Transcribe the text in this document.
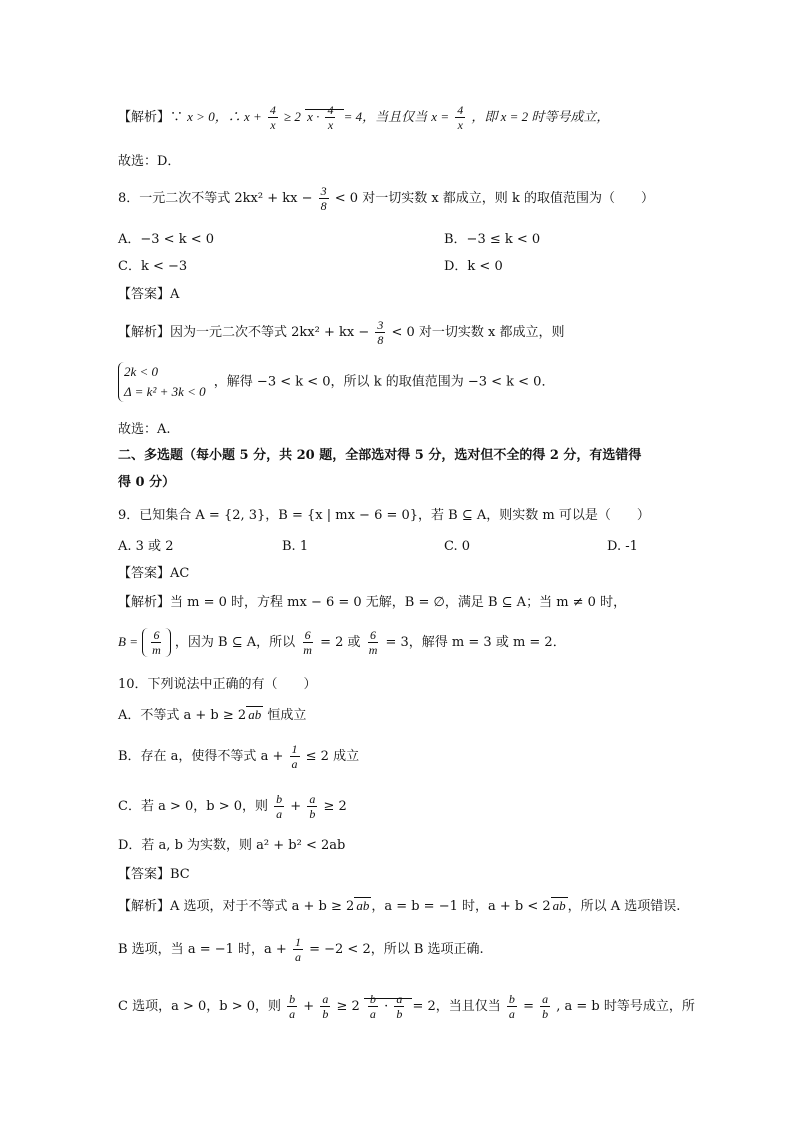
【解析】∵ x > 0，∴ $x + \frac{4}{x} \ge 2$ $x \cdot \frac{4}{x} = 4$，当且仅当 $x = \frac{4}{x}$ ，即 x = 2 时等号成立，
故选：D．
8．一元二次不等式 2kx² + kx − $\frac{3}{8} < 0$ 对一切实数 x 都成立，则 k 的取值范围为（　　）
A．−3 < k < 0	B．−3 ≤ k < 0
C．k < −3	D．k < 0
【答案】A
【解析】因为一元二次不等式 2kx² + kx − $\frac{3}{8} < 0$ 对一切实数 x 都成立，则
2k < 0
Δ = k² + 3k < 0
，解得 −3 < k < 0，所以 k 的取值范围为 −3 < k < 0．
故选：A.
二、多选题（每小题 5 分，共 20 题，全部选对得 5 分，选对但不全的得 2 分，有选错得
得 0 分）
9．已知集合 A = {2, 3}，B = {x | mx − 6 = 0}，若 B ⊆ A，则实数 m 可以是（　　）
A. 3 或 2	B. 1	C. 0	D. -1
【答案】AC
【解析】当 m = 0 时，方程 mx − 6 = 0 无解，B = ∅，满足 B ⊆ A；当 m ≠ 0 时，
$B = \frac{6}{m}$ ，因为 B ⊆ A，所以 $\frac{6}{m} = 2$ 或 $\frac{6}{m} = 3$，解得 m = 3 或 m = 2．
10．下列说法中正确的有（　　）
A．不等式 a + b ≥ 2 ab 恒成立
B．存在 a，使得不等式 $a + \frac{1}{a} \le 2$ 成立
C．若 a > 0，b > 0，则 $\frac{b}{a} + \frac{a}{b} \ge 2$
D．若 a, b 为实数，则 a² + b² < 2ab
【答案】BC
【解析】A 选项，对于不等式 a + b ≥ 2 ab ，a = b = −1 时，a + b < 2 ab ，所以 A 选项错误.
B 选项，当 a = −1 时，$a + \frac{1}{a} = -2 < 2$，所以 B 选项正确.
C 选项，a > 0，b > 0，则 $\frac{b}{a} + \frac{a}{b} \ge 2 \frac{b}{a} \cdot \frac{a}{b} = 2$，当且仅当 $\frac{b}{a} = \frac{a}{b}$ , a = b 时等号成立，所
